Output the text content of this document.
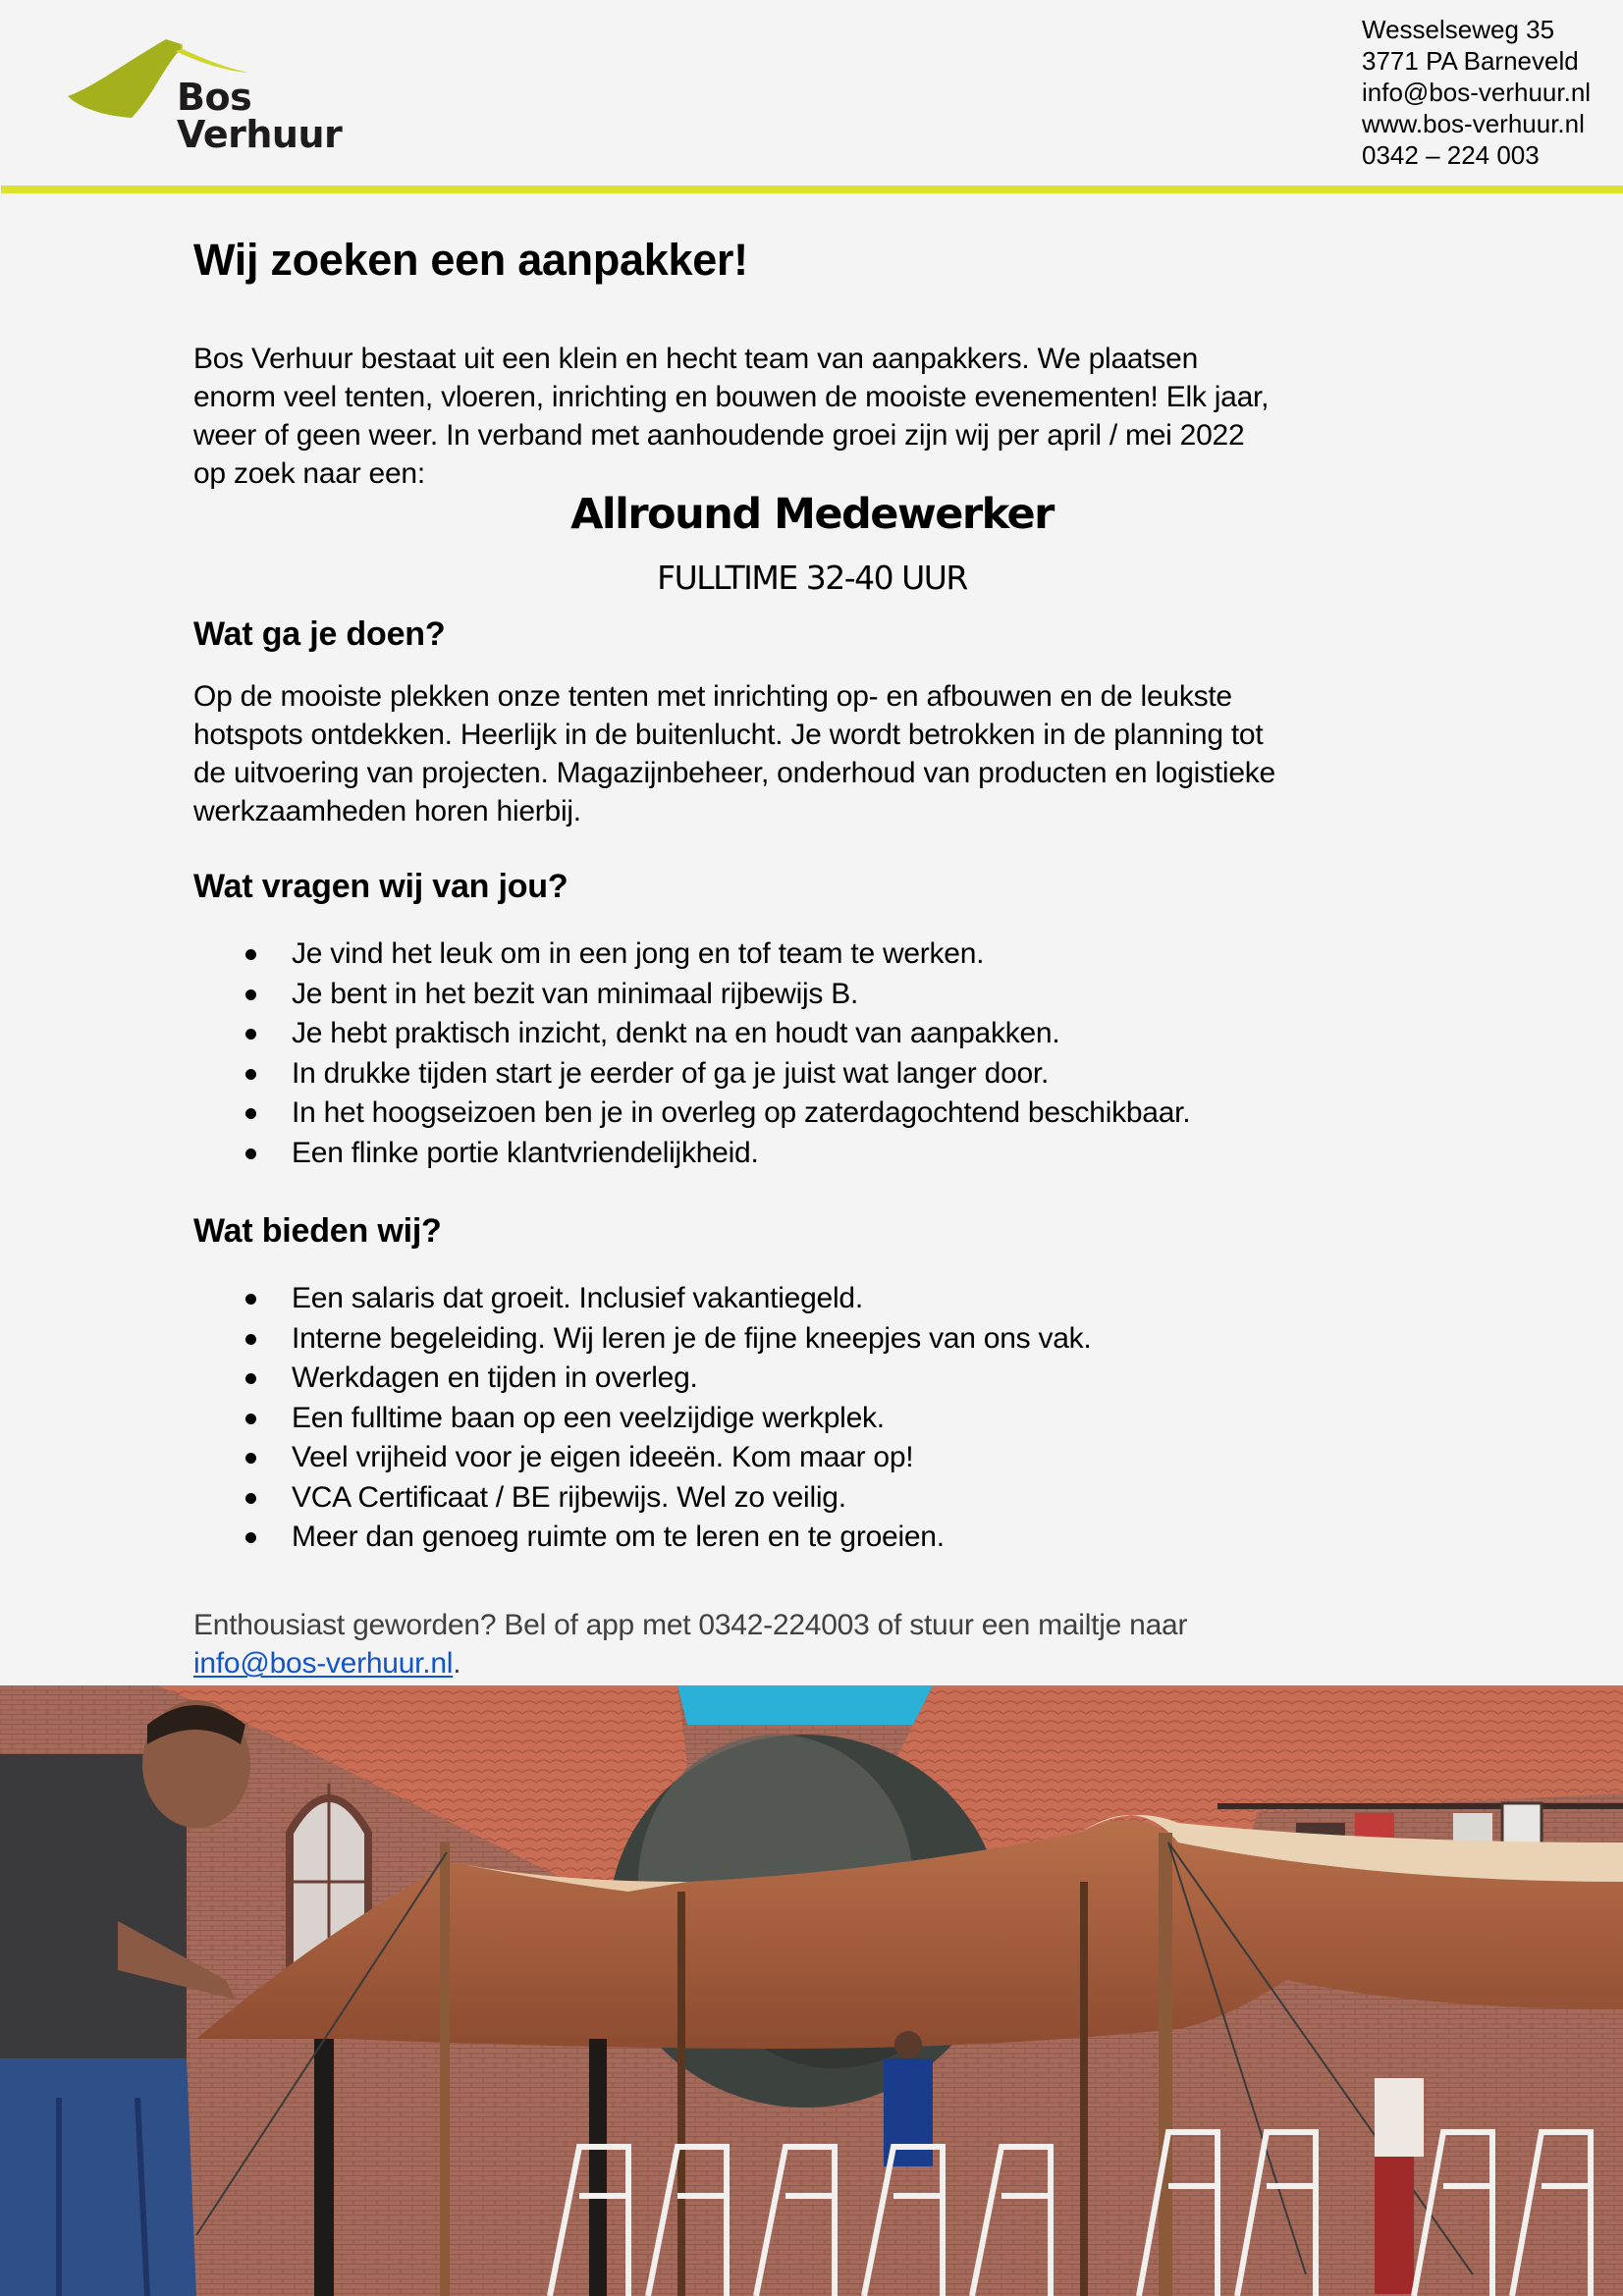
Bos Verhuur
Wesselseweg 35
3771 PA Barneveld
info@bos-verhuur.nl
www.bos-verhuur.nl
0342 – 224 003
Wij zoeken een aanpakker!

Bos Verhuur bestaat uit een klein en hecht team van aanpakkers. We plaatsen
enorm veel tenten, vloeren, inrichting en bouwen de mooiste evenementen! Elk jaar,
weer of geen weer. In verband met aanhoudende groei zijn wij per april / mei 2022
op zoek naar een:

Allround Medewerker
FULLTIME 32-40 UUR
Wat ga je doen?

Op de mooiste plekken onze tenten met inrichting op- en afbouwen en de leukste
hotspots ontdekken. Heerlijk in de buitenlucht. Je wordt betrokken in de planning tot
de uitvoering van projecten. Magazijnbeheer, onderhoud van producten en logistieke
werkzaamheden horen hierbij.

Wat vragen wij van jou?
Je vind het leuk om in een jong en tof team te werken.
Je bent in het bezit van minimaal rijbewijs B.
Je hebt praktisch inzicht, denkt na en houdt van aanpakken.
In drukke tijden start je eerder of ga je juist wat langer door.
In het hoogseizoen ben je in overleg op zaterdagochtend beschikbaar.
Een flinke portie klantvriendelijkheid.
Wat bieden wij?
Een salaris dat groeit. Inclusief vakantiegeld.
Interne begeleiding. Wij leren je de fijne kneepjes van ons vak.
Werkdagen en tijden in overleg.
Een fulltime baan op een veelzijdige werkplek.
Veel vrijheid voor je eigen ideeën. Kom maar op!
VCA Certificaat / BE rijbewijs. Wel zo veilig.
Meer dan genoeg ruimte om te leren en te groeien.

Enthousiast geworden? Bel of app met 0342-224003 of stuur een mailtje naar
info@bos-verhuur.nl.
